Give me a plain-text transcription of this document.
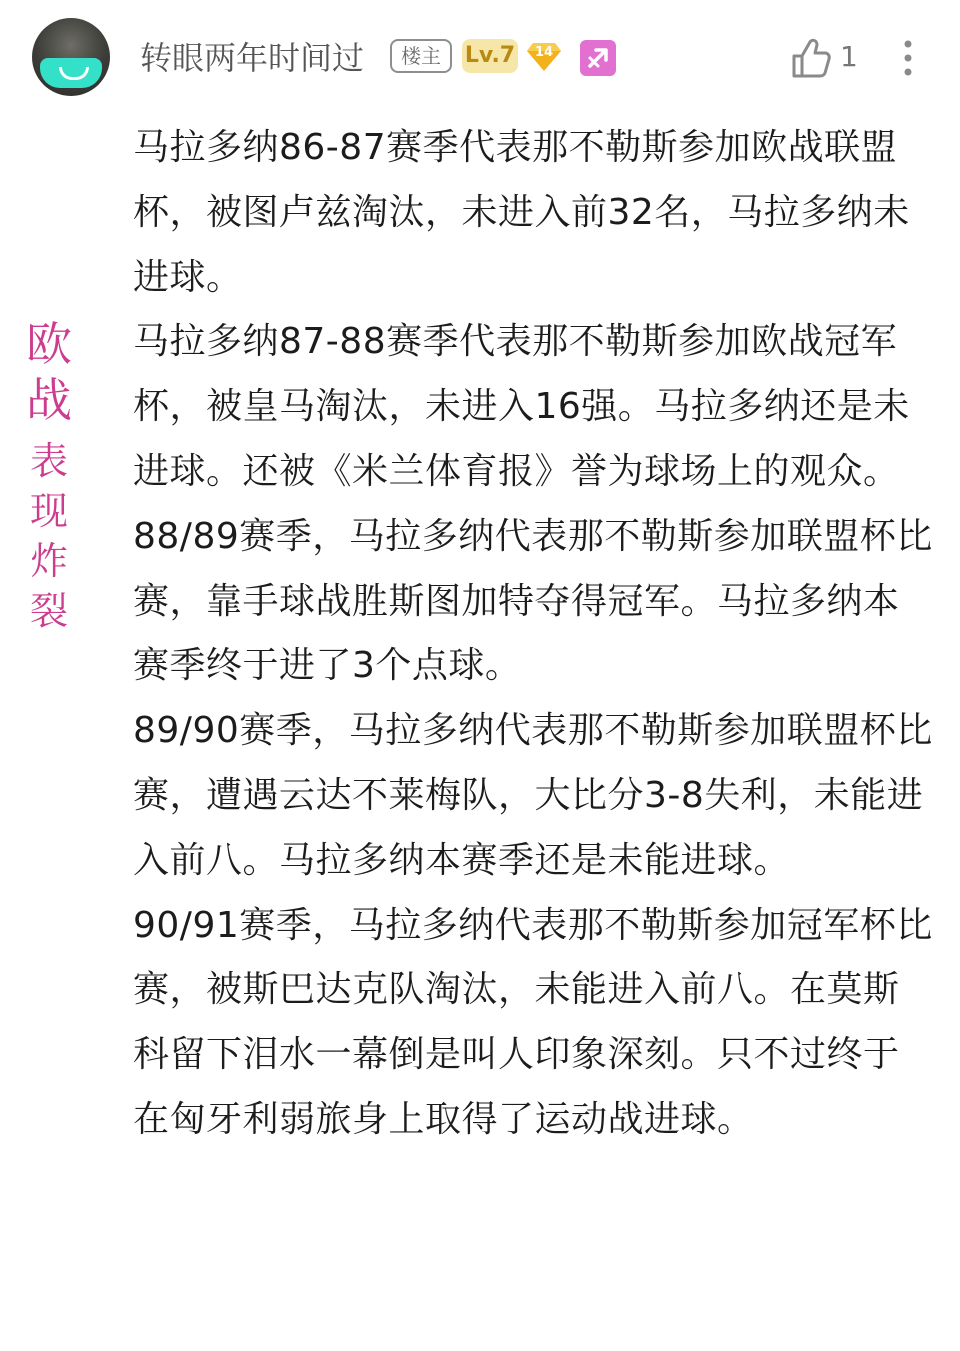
转眼两年时间过	楼主	Lv.7	14	1
欧战
表现炸裂

马拉多纳86-87赛季代表那不勒斯参加欧战联盟杯，被图卢兹淘汰，未进入前32名，马拉多纳未进球。

马拉多纳87-88赛季代表那不勒斯参加欧战冠军杯，被皇马淘汰，未进入16强。马拉多纳还是未进球。还被《米兰体育报》誉为球场上的观众。

88/89赛季，马拉多纳代表那不勒斯参加联盟杯比赛，靠手球战胜斯图加特夺得冠军。马拉多纳本赛季终于进了3个点球。

89/90赛季，马拉多纳代表那不勒斯参加联盟杯比赛，遭遇云达不莱梅队，大比分3-8失利，未能进入前八。马拉多纳本赛季还是未能进球。

90/91赛季，马拉多纳代表那不勒斯参加冠军杯比赛，被斯巴达克队淘汰，未能进入前八。在莫斯科留下泪水一幕倒是叫人印象深刻。只不过终于在匈牙利弱旅身上取得了运动战进球。
